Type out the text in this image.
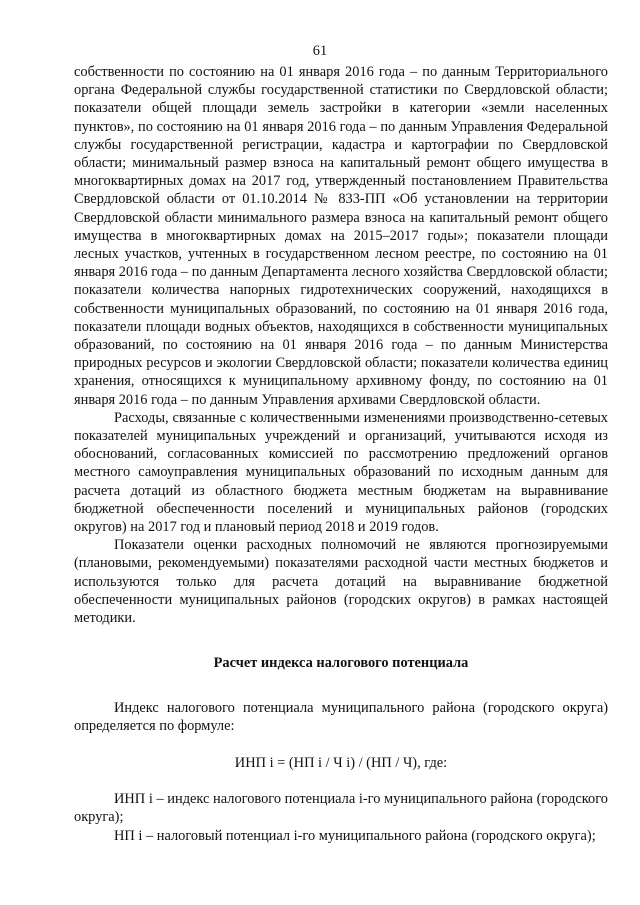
61

собственности по состоянию на 01 января 2016 года – по данным Территориального органа Федеральной службы государственной статистики по Свердловской области; показатели общей площади земель застройки в категории «земли населенных пунктов», по состоянию на 01 января 2016 года – по данным Управления Федеральной службы государственной регистрации, кадастра и картографии по Свердловской области; минимальный размер взноса на капитальный ремонт общего имущества в многоквартирных домах на 2017 год, утвержденный постановлением Правительства Свердловской области от 01.10.2014 № 833-ПП «Об установлении на территории Свердловской области минимального размера взноса на капитальный ремонт общего имущества в многоквартирных домах на 2015–2017 годы»; показатели площади лесных участков, учтенных в государственном лесном реестре, по состоянию на 01 января 2016 года – по данным Департамента лесного хозяйства Свердловской области; показатели количества напорных гидротехнических сооружений, находящихся в собственности муниципальных образований, по состоянию на 01 января 2016 года, показатели площади водных объектов, находящихся в собственности муниципальных образований, по состоянию на 01 января 2016 года – по данным Министерства природных ресурсов и экологии Свердловской области; показатели количества единиц хранения, относящихся к муниципальному архивному фонду, по состоянию на 01 января 2016 года – по данным Управления архивами Свердловской области.

Расходы, связанные с количественными изменениями производственно-сетевых показателей муниципальных учреждений и организаций, учитываются исходя из обоснований, согласованных комиссией по рассмотрению предложений органов местного самоуправления муниципальных образований по исходным данным для расчета дотаций из областного бюджета местным бюджетам на выравнивание бюджетной обеспеченности поселений и муниципальных районов (городских округов) на 2017 год и плановый период 2018 и 2019 годов.

Показатели оценки расходных полномочий не являются прогнозируемыми (плановыми, рекомендуемыми) показателями расходной части местных бюджетов и используются только для расчета дотаций на выравнивание бюджетной обеспеченности муниципальных районов (городских округов) в рамках настоящей методики.

Расчет индекса налогового потенциала

Индекс налогового потенциала муниципального района (городского округа) определяется по формуле:

ИНП i = (НП i / Ч i) / (НП / Ч), где:

ИНП i – индекс налогового потенциала i-го муниципального района (городского округа);

НП i – налоговый потенциал i-го муниципального района (городского округа);
